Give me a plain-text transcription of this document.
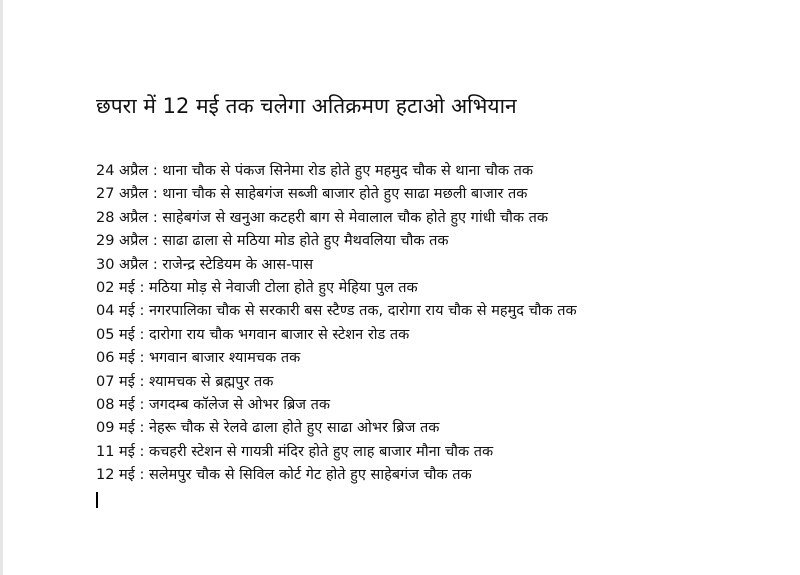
छपरा में 12 मई तक चलेगा अतिक्रमण हटाओ अभियान
24 अप्रैल : थाना चौक से पंकज सिनेमा रोड होते हुए महमुद चौक से थाना चौक तक
27 अप्रैल : थाना चौक से साहेबगंज सब्जी बाजार होते हुए साढा मछली बाजार तक
28 अप्रैल : साहेबगंज से खनुआ कटहरी बाग से मेवालाल चौक होते हुए गांधी चौक तक
29 अप्रैल : साढा ढाला से मठिया मोड होते हुए मैथवलिया चौक तक
30 अप्रैल : राजेन्द्र स्टेडियम के आस-पास
02 मई : मठिया मोड़ से नेवाजी टोला होते हुए मेहिया पुल तक
04 मई : नगरपालिका चौक से सरकारी बस स्टैण्ड तक, दारोगा राय चौक से महमुद चौक तक
05 मई : दारोगा राय चौक भगवान बाजार से स्टेशन रोड तक
06 मई : भगवान बाजार श्यामचक तक
07 मई : श्यामचक से ब्रह्मपुर तक
08 मई : जगदम्ब कॉलेज से ओभर ब्रिज तक
09 मई : नेहरू चौक से रेलवे ढाला होते हुए साढा ओभर ब्रिज तक
11 मई : कचहरी स्टेशन से गायत्री मंदिर होते हुए लाह बाजार मौना चौक तक
12 मई : सलेमपुर चौक से सिविल कोर्ट गेट होते हुए साहेबगंज चौक तक
